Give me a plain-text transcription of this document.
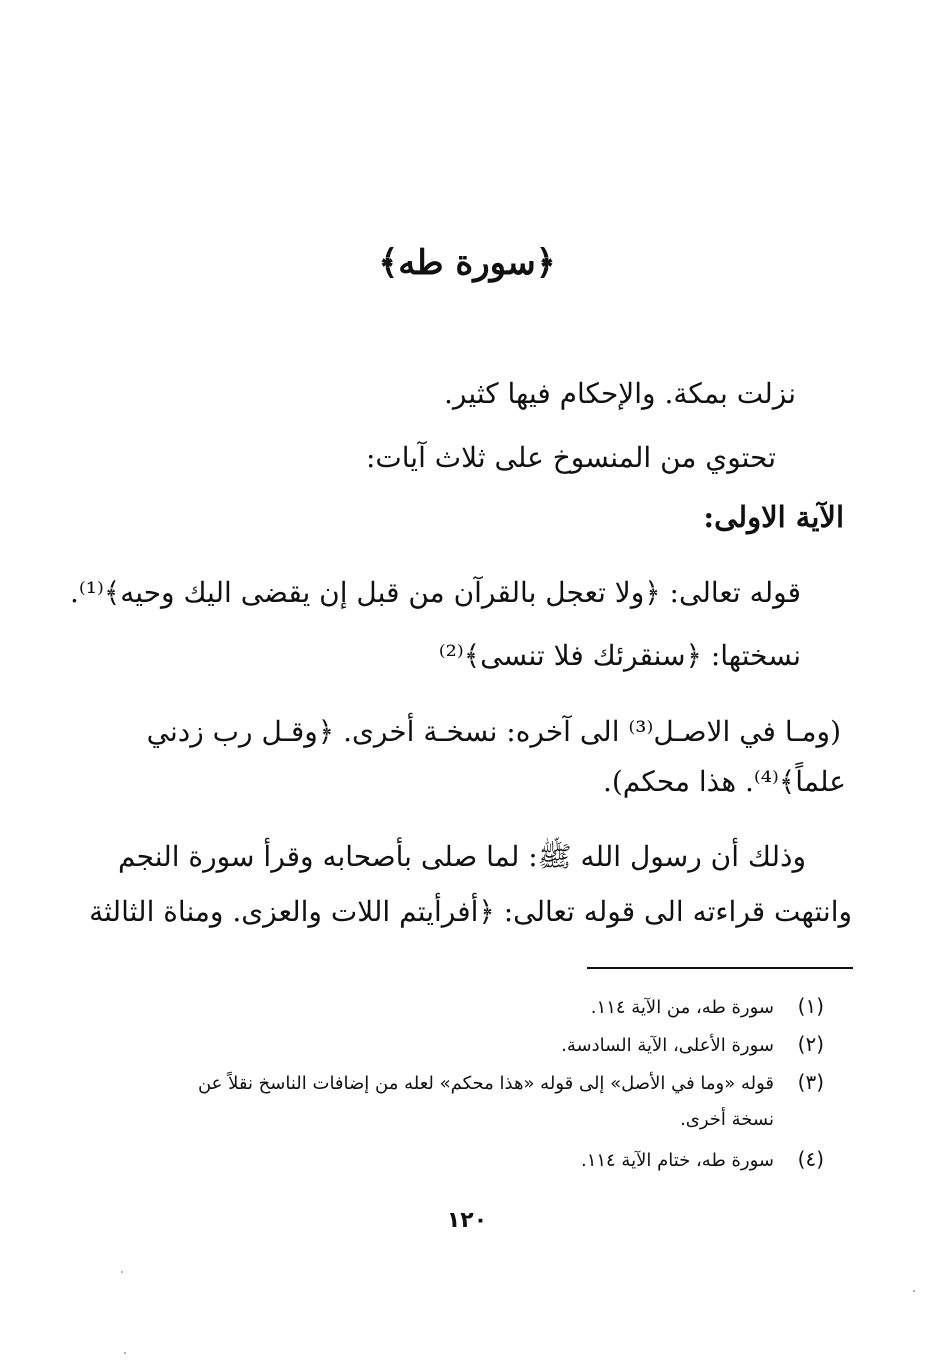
﴿سورة طه﴾
نزلت بمكة. والإحكام فيها كثير.
تحتوي من المنسوخ على ثلاث آيات:
الآية الاولى:
قوله تعالى: ﴿ولا تعجل بالقرآن من قبل إن يقضى اليك وحيه﴾⁽¹⁾.
نسختها: ﴿سنقرئك فلا تنسى﴾⁽²⁾
(ومـا في الاصـل⁽³⁾ الى آخره: نسخـة أخرى. ﴿وقـل رب زدني
علماً﴾⁽⁴⁾. هذا محكم).
وذلك أن رسول الله ﷺ: لما صلى بأصحابه وقرأ سورة النجم
وانتهت قراءته الى قوله تعالى: ﴿أفرأيتم اللات والعزى. ومناة الثالثة
(١)
سورة طه، من الآية ١١٤.
(٢)
سورة الأعلى، الآية السادسة.
(٣)
قوله «وما في الأصل» إلى قوله «هذا محكم» لعله من إضافات الناسخ نقلاً عن
نسخة أخرى.
(٤)
سورة طه، ختام الآية ١١٤.
١٢٠
